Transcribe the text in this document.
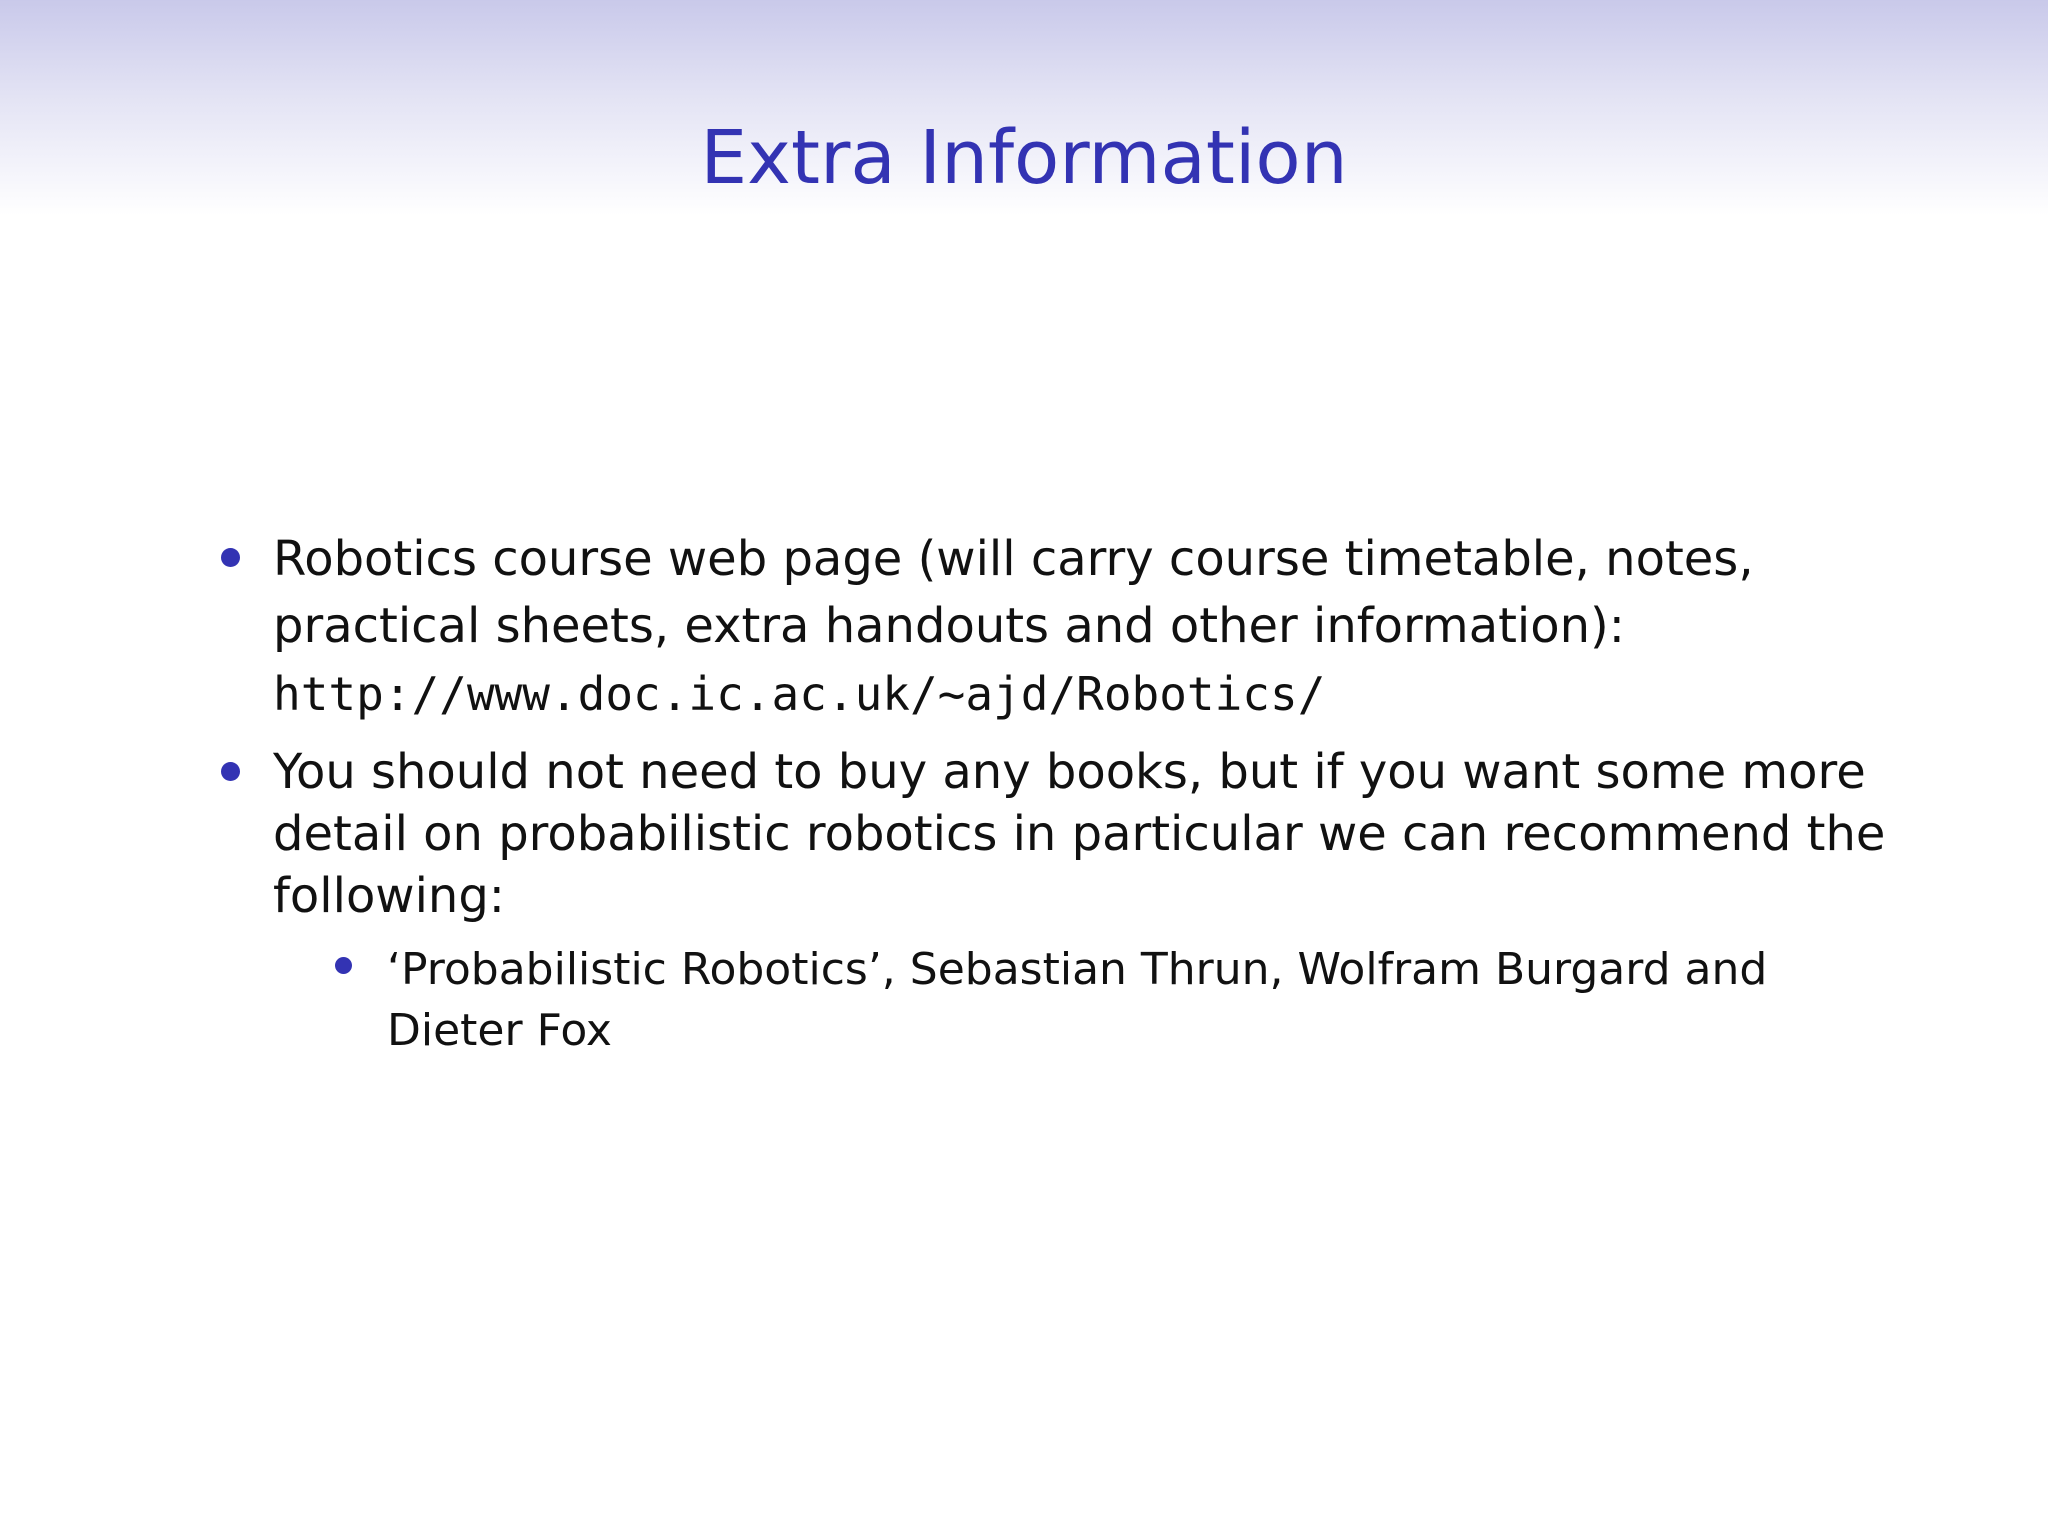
Extra Information
Robotics course web page (will carry course timetable, notes,
practical sheets, extra handouts and other information):
http://www.doc.ic.ac.uk/~ajd/Robotics/
You should not need to buy any books, but if you want some more
detail on probabilistic robotics in particular we can recommend the
following:
‘Probabilistic Robotics’, Sebastian Thrun, Wolfram Burgard and
Dieter Fox
